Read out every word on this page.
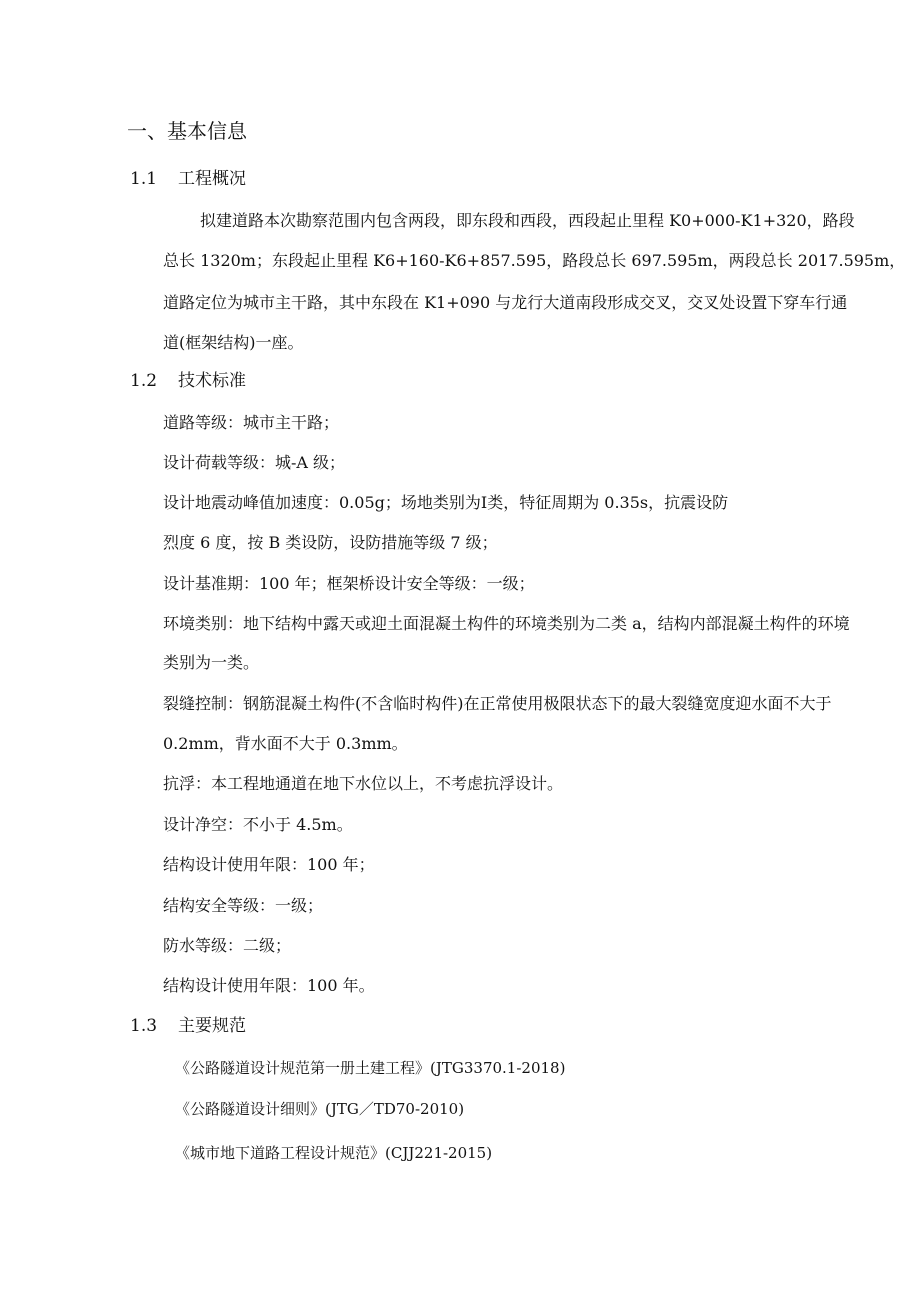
一、基本信息
1.1 工程概况
拟建道路本次勘察范围内包含两段，即东段和西段，西段起止里程 K0+000-K1+320，路段
总长 1320m；东段起止里程 K6+160-K6+857.595，路段总长 697.595m，两段总长 2017.595m，
道路定位为城市主干路，其中东段在 K1+090 与龙行大道南段形成交叉，交叉处设置下穿车行通
道(框架结构)一座。
1.2 技术标准
道路等级：城市主干路；
设计荷载等级：城-A 级；
设计地震动峰值加速度：0.05g；场地类别为Ⅰ类，特征周期为 0.35s，抗震设防
烈度 6 度，按 B 类设防，设防措施等级 7 级；
设计基准期：100 年；框架桥设计安全等级：一级；
环境类别：地下结构中露天或迎土面混凝土构件的环境类别为二类 a，结构内部混凝土构件的环境
类别为一类。
裂缝控制：钢筋混凝土构件(不含临时构件)在正常使用极限状态下的最大裂缝宽度迎水面不大于
0.2mm，背水面不大于 0.3mm。
抗浮：本工程地通道在地下水位以上，不考虑抗浮设计。
设计净空：不小于 4.5m。
结构设计使用年限：100 年；
结构安全等级：一级；
防水等级：二级；
结构设计使用年限：100 年。
1.3 主要规范
《公路隧道设计规范第一册土建工程》(JTG3370.1-2018)
《公路隧道设计细则》(JTG／TD70-2010)
《城市地下道路工程设计规范》(CJJ221-2015)
